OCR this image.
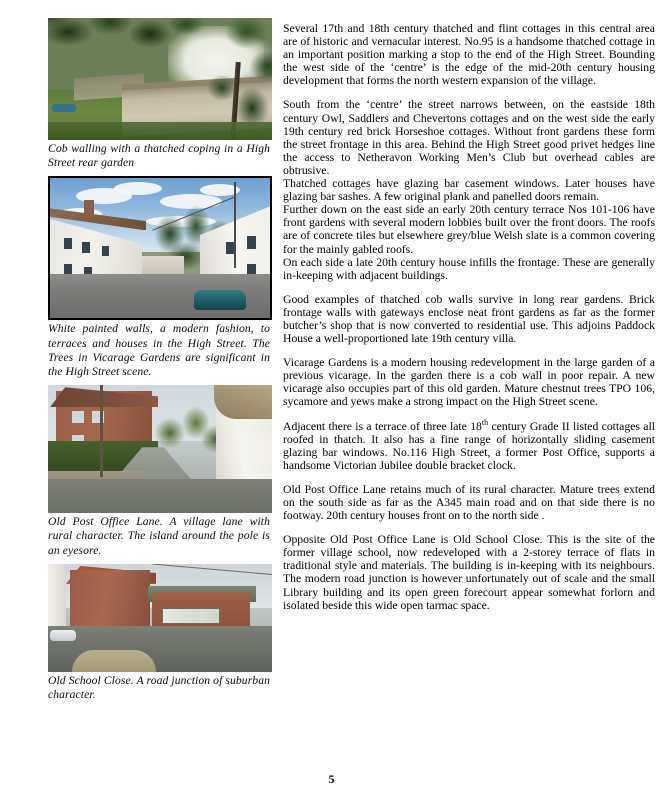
Cob walling with a thatched coping in a High Street rear garden
White painted walls, a modern fashion, to terraces and houses in the High Street. The Trees in Vicarage Gardens are significant in the High Street scene.
Old Post Office Lane. A village lane with rural character. The island around the pole is an eyesore.
Old School Close. A road junction of suburban character.

Several 17th and 18th century thatched and flint cottages in this central area are of historic and vernacular interest. No.95 is a handsome thatched cottage in an important position marking a stop to the end of the High Street. Bounding the west side of the ‘centre’ is the edge of the mid-20th century housing development that forms the north western expansion of the village.

South from the ‘centre’ the street narrows between, on the eastside 18th century Owl, Saddlers and Chevertons cottages and on the west side the early 19th century red brick Horseshoe cottages. Without front gardens these form the street frontage in this area. Behind the High Street good privet hedges line the access to Netheravon Working Men’s Club but overhead cables are obtrusive.

Thatched cottages have glazing bar casement windows. Later houses have glazing bar sashes. A few original plank and panelled doors remain.

Further down on the east side an early 20th century terrace Nos 101-106 have front gardens with several modern lobbies built over the front doors. The roofs are of concrete tiles but elsewhere grey/blue Welsh slate is a common covering for the mainly gabled roofs.

On each side a late 20th century house infills the frontage. These are generally in-keeping with adjacent buildings.

Good examples of thatched cob walls survive in long rear gardens. Brick frontage walls with gateways enclose neat front gardens as far as the former butcher’s shop that is now converted to residential use. This adjoins Paddock House a well-proportioned late 19th century villa.

Vicarage Gardens is a modern housing redevelopment in the large garden of a previous vicarage. In the garden there is a cob wall in poor repair. A new vicarage also occupies part of this old garden. Mature chestnut trees TPO 106, sycamore and yews make a strong impact on the High Street scene.

Adjacent there is a terrace of three late 18th century Grade II listed cottages all roofed in thatch. It also has a fine range of horizontally sliding casement glazing bar windows. No.116 High Street, a former Post Office, supports a handsome Victorian Jubilee double bracket clock.

Old Post Office Lane retains much of its rural character. Mature trees extend on the south side as far as the A345 main road and on that side there is no footway. 20th century houses front on to the north side .

Opposite Old Post Office Lane is Old School Close. This is the site of the former village school, now redeveloped with a 2-storey terrace of flats in traditional style and materials. The building is in-keeping with its neighbours. The modern road junction is however unfortunately out of scale and the small Library building and its open green forecourt appear somewhat forlorn and isolated beside this wide open tarmac space.

5
